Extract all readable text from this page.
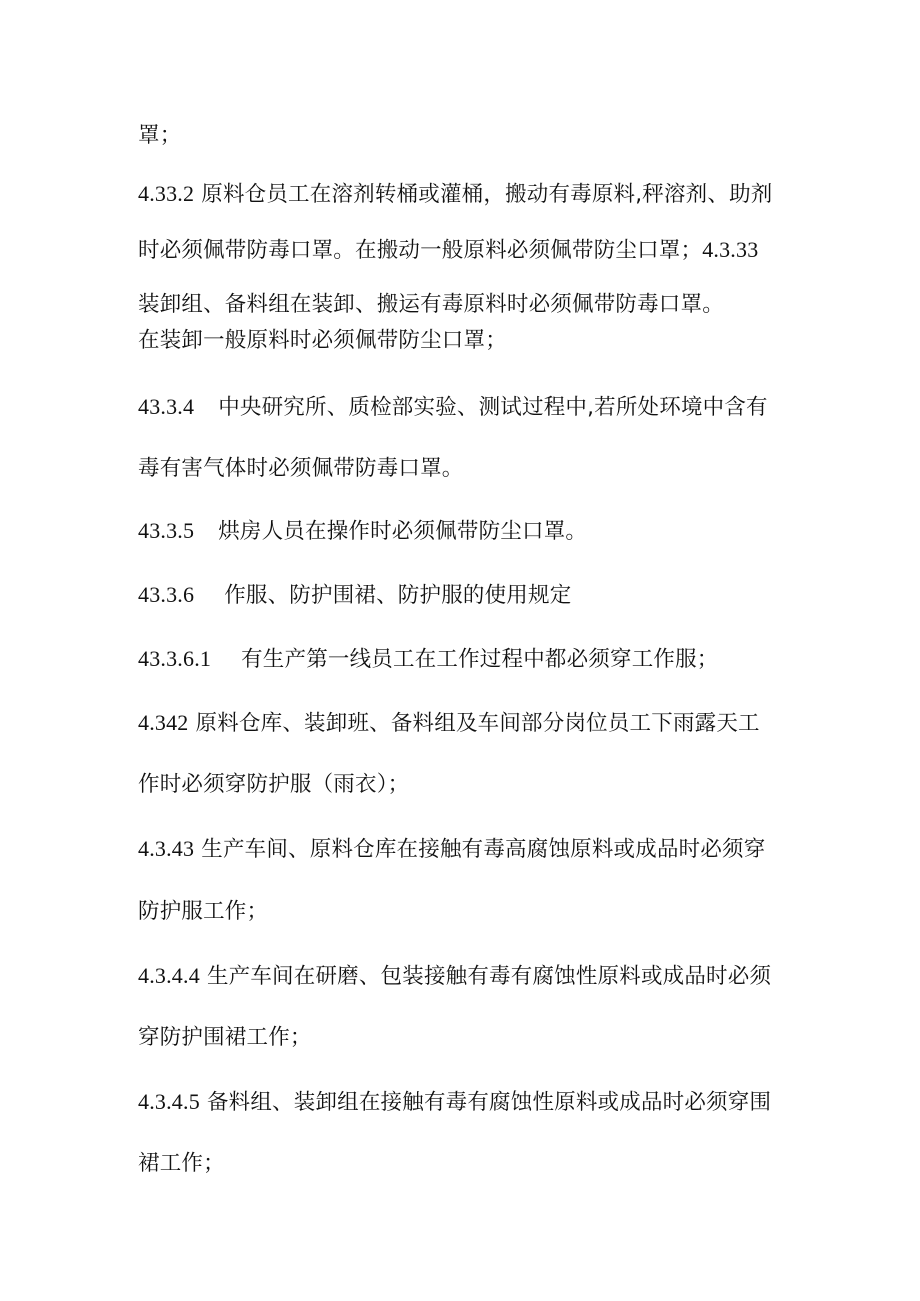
罩；
4.33.2 原料仓员工在溶剂转桶或灌桶，搬动有毒原料,秤溶剂、助剂
时必须佩带防毒口罩。在搬动一般原料必须佩带防尘口罩；4.3.33
装卸组、备料组在装卸、搬运有毒原料时必须佩带防毒口罩。
在装卸一般原料时必须佩带防尘口罩；
43.3.4 中央研究所、质检部实验、测试过程中,若所处环境中含有
毒有害气体时必须佩带防毒口罩。
43.3.5 烘房人员在操作时必须佩带防尘口罩。
43.3.6 作服、防护围裙、防护服的使用规定
43.3.6.1 有生产第一线员工在工作过程中都必须穿工作服；
4.342 原料仓库、装卸班、备料组及车间部分岗位员工下雨露天工
作时必须穿防护服（雨衣）；
4.3.43 生产车间、原料仓库在接触有毒高腐蚀原料或成品时必须穿
防护服工作；
4.3.4.4 生产车间在研磨、包装接触有毒有腐蚀性原料或成品时必须
穿防护围裙工作；
4.3.4.5 备料组、装卸组在接触有毒有腐蚀性原料或成品时必须穿围
裙工作；
